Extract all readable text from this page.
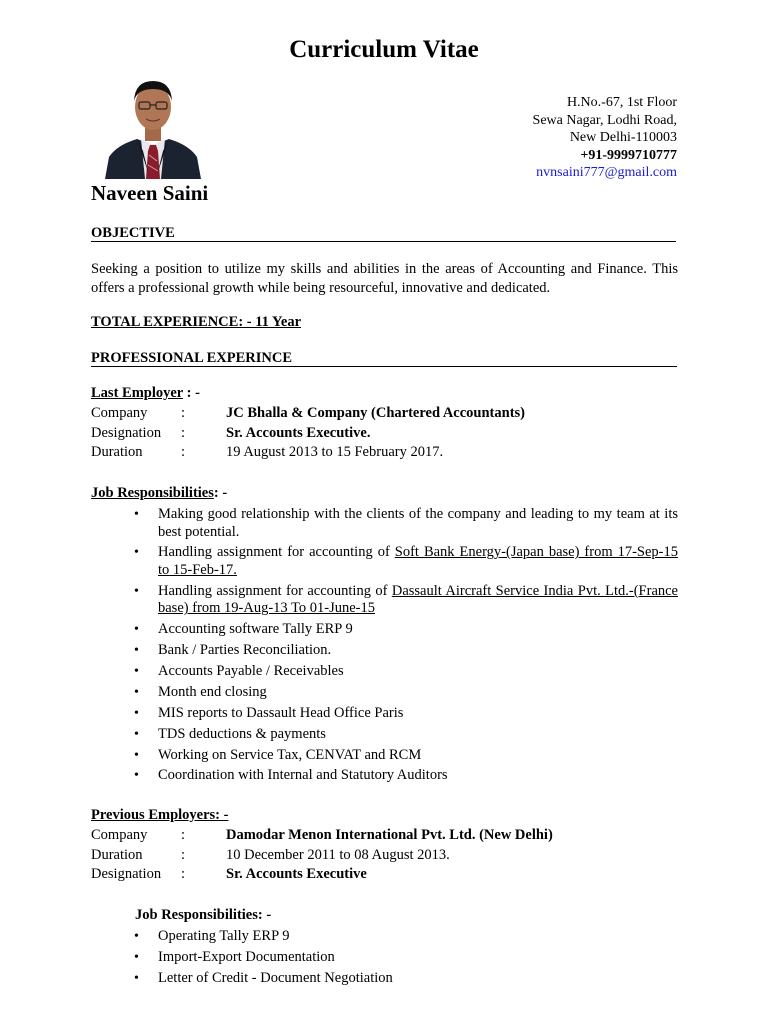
Curriculum Vitae
H.No.-67, 1st Floor
Sewa Nagar, Lodhi Road,
New Delhi-110003
+91-9999710777
nvnsaini777@gmail.com
Naveen Saini
OBJECTIVE
Seeking a position to utilize my skills and abilities in the areas of Accounting and Finance. This offers a professional growth while being resourceful, innovative and dedicated.
TOTAL EXPERIENCE: - 11 Year
PROFESSIONAL EXPERINCE
Last Employer : -
Company	:	JC Bhalla & Company (Chartered Accountants)
Designation	:	Sr. Accounts Executive.
Duration	:	19 August 2013 to 15 February 2017.
Job Responsibilities: -
• Making good relationship with the clients of the company and leading to my team at its best potential.
• Handling assignment for accounting of Soft Bank Energy-(Japan base) from 17-Sep-15 to 15-Feb-17.
• Handling assignment for accounting of Dassault Aircraft Service India Pvt. Ltd.-(France base) from 19-Aug-13 To 01-June-15
• Accounting software Tally ERP 9
• Bank / Parties Reconciliation.
• Accounts Payable / Receivables
• Month end closing
• MIS reports to Dassault Head Office Paris
• TDS deductions & payments
• Working on Service Tax, CENVAT and RCM
• Coordination with Internal and Statutory Auditors
Previous Employers: -
Company	:	Damodar Menon International Pvt. Ltd. (New Delhi)
Duration	:	10 December 2011 to 08 August 2013.
Designation	:	Sr. Accounts Executive
Job Responsibilities: -
• Operating Tally ERP 9
• Import-Export Documentation
• Letter of Credit - Document Negotiation
